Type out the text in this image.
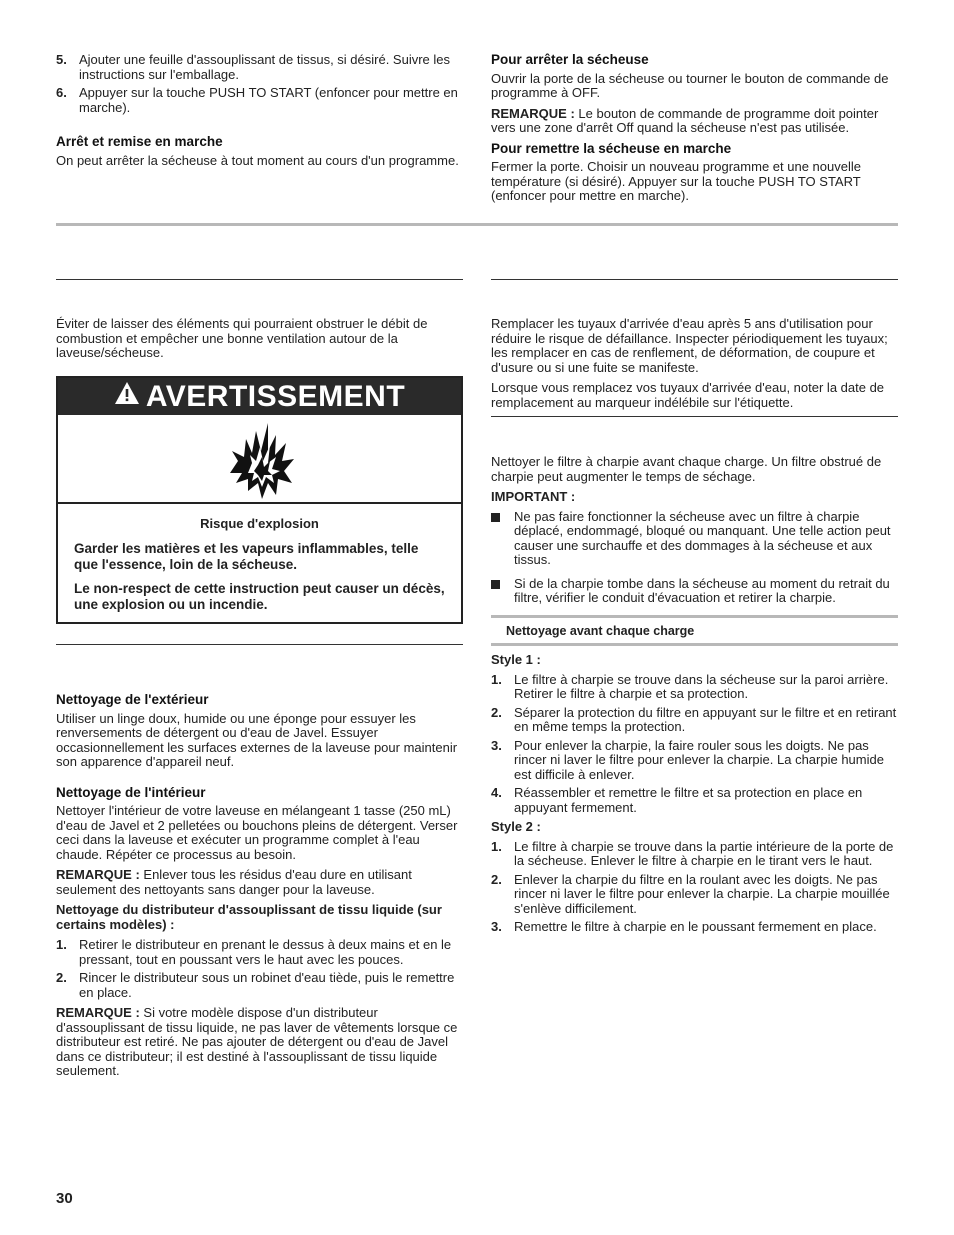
5. Ajouter une feuille d'assouplissant de tissus, si désiré. Suivre les instructions sur l'emballage.
6. Appuyer sur la touche PUSH TO START (enfoncer pour mettre en marche).
Arrêt et remise en marche
On peut arrêter la sécheuse à tout moment au cours d'un programme.
Pour arrêter la sécheuse
Ouvrir la porte de la sécheuse ou tourner le bouton de commande de programme à OFF.
REMARQUE : Le bouton de commande de programme doit pointer vers une zone d'arrêt Off quand la sécheuse n'est pas utilisée.
Pour remettre la sécheuse en marche
Fermer la porte. Choisir un nouveau programme et une nouvelle température (si désiré). Appuyer sur la touche PUSH TO START (enfoncer pour mettre en marche).
Éviter de laisser des éléments qui pourraient obstruer le débit de combustion et empêcher une bonne ventilation autour de la laveuse/sécheuse.
AVERTISSEMENT
Risque d'explosion
Garder les matières et les vapeurs inflammables, telle que l'essence, loin de la sécheuse.
Le non-respect de cette instruction peut causer un décès, une explosion ou un incendie.
Nettoyage de l'extérieur
Utiliser un linge doux, humide ou une éponge pour essuyer les renversements de détergent ou d'eau de Javel. Essuyer occasionnellement les surfaces externes de la laveuse pour maintenir son apparence d'appareil neuf.
Nettoyage de l'intérieur
Nettoyer l'intérieur de votre laveuse en mélangeant 1 tasse (250 mL) d'eau de Javel et 2 pelletées ou bouchons pleins de détergent. Verser ceci dans la laveuse et exécuter un programme complet à l'eau chaude. Répéter ce processus au besoin.
REMARQUE : Enlever tous les résidus d'eau dure en utilisant seulement des nettoyants sans danger pour la laveuse.
Nettoyage du distributeur d'assouplissant de tissu liquide (sur certains modèles) :
1. Retirer le distributeur en prenant le dessus à deux mains et en le pressant, tout en poussant vers le haut avec les pouces.
2. Rincer le distributeur sous un robinet d'eau tiède, puis le remettre en place.
REMARQUE : Si votre modèle dispose d'un distributeur d'assouplissant de tissu liquide, ne pas laver de vêtements lorsque ce distributeur est retiré. Ne pas ajouter de détergent ou d'eau de Javel dans ce distributeur; il est destiné à l'assouplissant de tissu liquide seulement.
Remplacer les tuyaux d'arrivée d'eau après 5 ans d'utilisation pour réduire le risque de défaillance. Inspecter périodiquement les tuyaux; les remplacer en cas de renflement, de déformation, de coupure et d'usure ou si une fuite se manifeste.
Lorsque vous remplacez vos tuyaux d'arrivée d'eau, noter la date de remplacement au marqueur indélébile sur l'étiquette.
Nettoyer le filtre à charpie avant chaque charge. Un filtre obstrué de charpie peut augmenter le temps de séchage.
IMPORTANT :
Ne pas faire fonctionner la sécheuse avec un filtre à charpie déplacé, endommagé, bloqué ou manquant. Une telle action peut causer une surchauffe et des dommages à la sécheuse et aux tissus.
Si de la charpie tombe dans la sécheuse au moment du retrait du filtre, vérifier le conduit d'évacuation et retirer la charpie.
Nettoyage avant chaque charge
Style 1 :
1. Le filtre à charpie se trouve dans la sécheuse sur la paroi arrière. Retirer le filtre à charpie et sa protection.
2. Séparer la protection du filtre en appuyant sur le filtre et en retirant en même temps la protection.
3. Pour enlever la charpie, la faire rouler sous les doigts. Ne pas rincer ni laver le filtre pour enlever la charpie. La charpie humide est difficile à enlever.
4. Réassembler et remettre le filtre et sa protection en place en appuyant fermement.
Style 2 :
1. Le filtre à charpie se trouve dans la partie intérieure de la porte de la sécheuse. Enlever le filtre à charpie en le tirant vers le haut.
2. Enlever la charpie du filtre en la roulant avec les doigts. Ne pas rincer ni laver le filtre pour enlever la charpie. La charpie mouillée s'enlève difficilement.
3. Remettre le filtre à charpie en le poussant fermement en place.
30
